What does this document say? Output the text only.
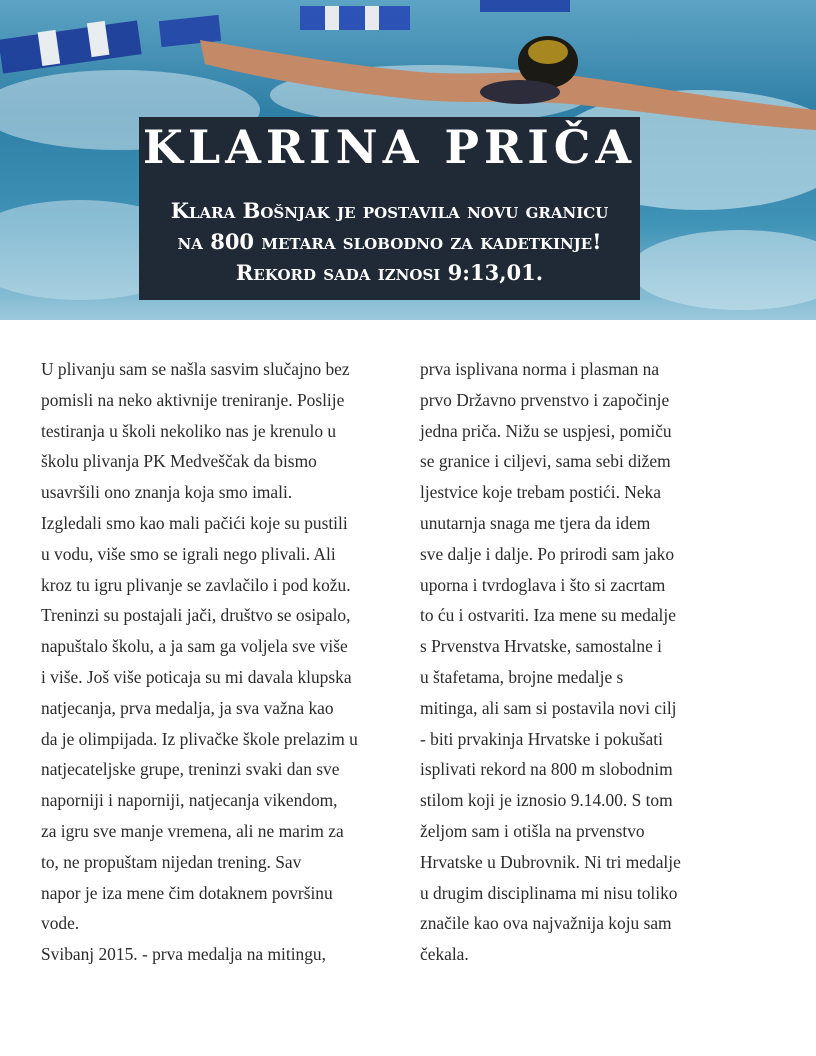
KLARINA PRIČA
Klara Bošnjak je postavila novu granicu
na 800 metara slobodno za kadetkinje!
Rekord sada iznosi 9:13,01.
U plivanju sam se našla sasvim slučajno bez
pomisli na neko aktivnije treniranje. Poslije
testiranja u školi nekoliko nas je krenulo u
školu plivanja PK Medveščak da bismo
usavršili ono znanja koja smo imali.
Izgledali smo kao mali pačići koje su pustili
u vodu, više smo se igrali nego plivali. Ali
kroz tu igru plivanje se zavlačilo i pod kožu.
Treninzi su postajali jači, društvo se osipalo,
napuštalo školu, a ja sam ga voljela sve više
i više. Još više poticaja su mi davala klupska
natjecanja, prva medalja, ja sva važna kao
da je olimpijada. Iz plivačke škole prelazim u
natjecateljske grupe, treninzi svaki dan sve
naporniji i naporniji, natjecanja vikendom,
za igru sve manje vremena, ali ne marim za
to, ne propuštam nijedan trening. Sav
napor je iza mene čim dotaknem površinu
vode.
Svibanj 2015. - prva medalja na mitingu,
prva isplivana norma i plasman na
prvo Državno prvenstvo i započinje
jedna priča. Nižu se uspjesi, pomiču
se granice i ciljevi, sama sebi dižem
ljestvice koje trebam postići. Neka
unutarnja snaga me tjera da idem
sve dalje i dalje. Po prirodi sam jako
uporna i tvrdoglava i što si zacrtam
to ću i ostvariti. Iza mene su medalje
s Prvenstva Hrvatske, samostalne i
u štafetama, brojne medalje s
mitinga, ali sam si postavila novi cilj
- biti prvakinja Hrvatske i pokušati
isplivati rekord na 800 m slobodnim
stilom koji je iznosio 9.14.00. S tom
željom sam i otišla na prvenstvo
Hrvatske u Dubrovnik. Ni tri medalje
u drugim disciplinama mi nisu toliko
značile kao ova najvažnija koju sam
čekala.
